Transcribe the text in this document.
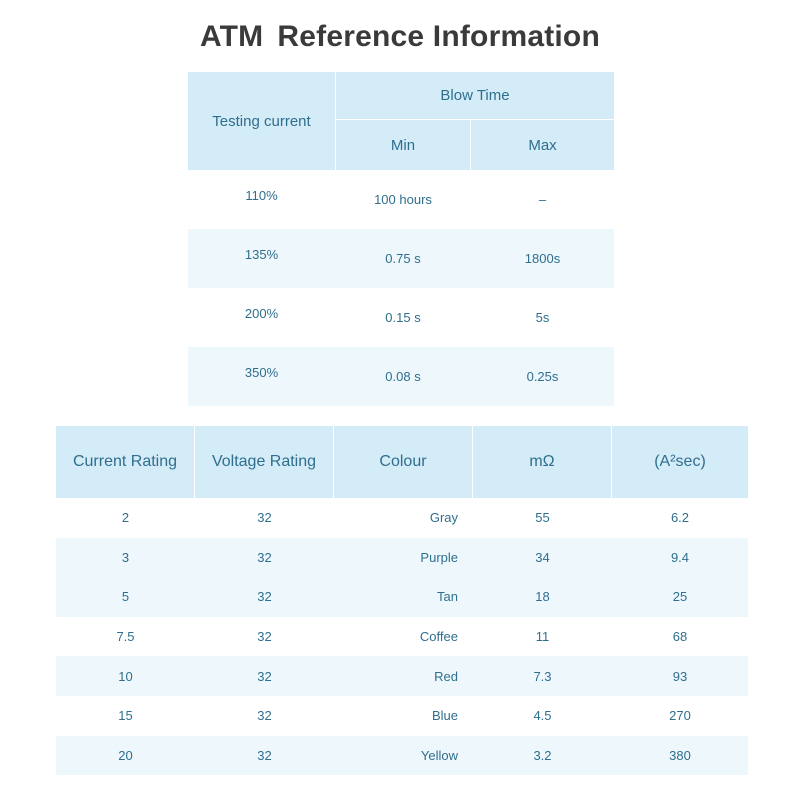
ATM Reference Information
Testing current
Blow Time
Min	Max
110%	100 hours	–
135%	0.75 s	1800s
200%	0.15 s	5s
350%	0.08 s	0.25s
Current Rating	Voltage Rating	Colour	mΩ	(A²sec)
2	32	Gray	55	6.2
3	32	Purple	34	9.4
5	32	Tan	18	25
7.5	32	Coffee	11	68
10	32	Red	7.3	93
15	32	Blue	4.5	270
20	32	Yellow	3.2	380
